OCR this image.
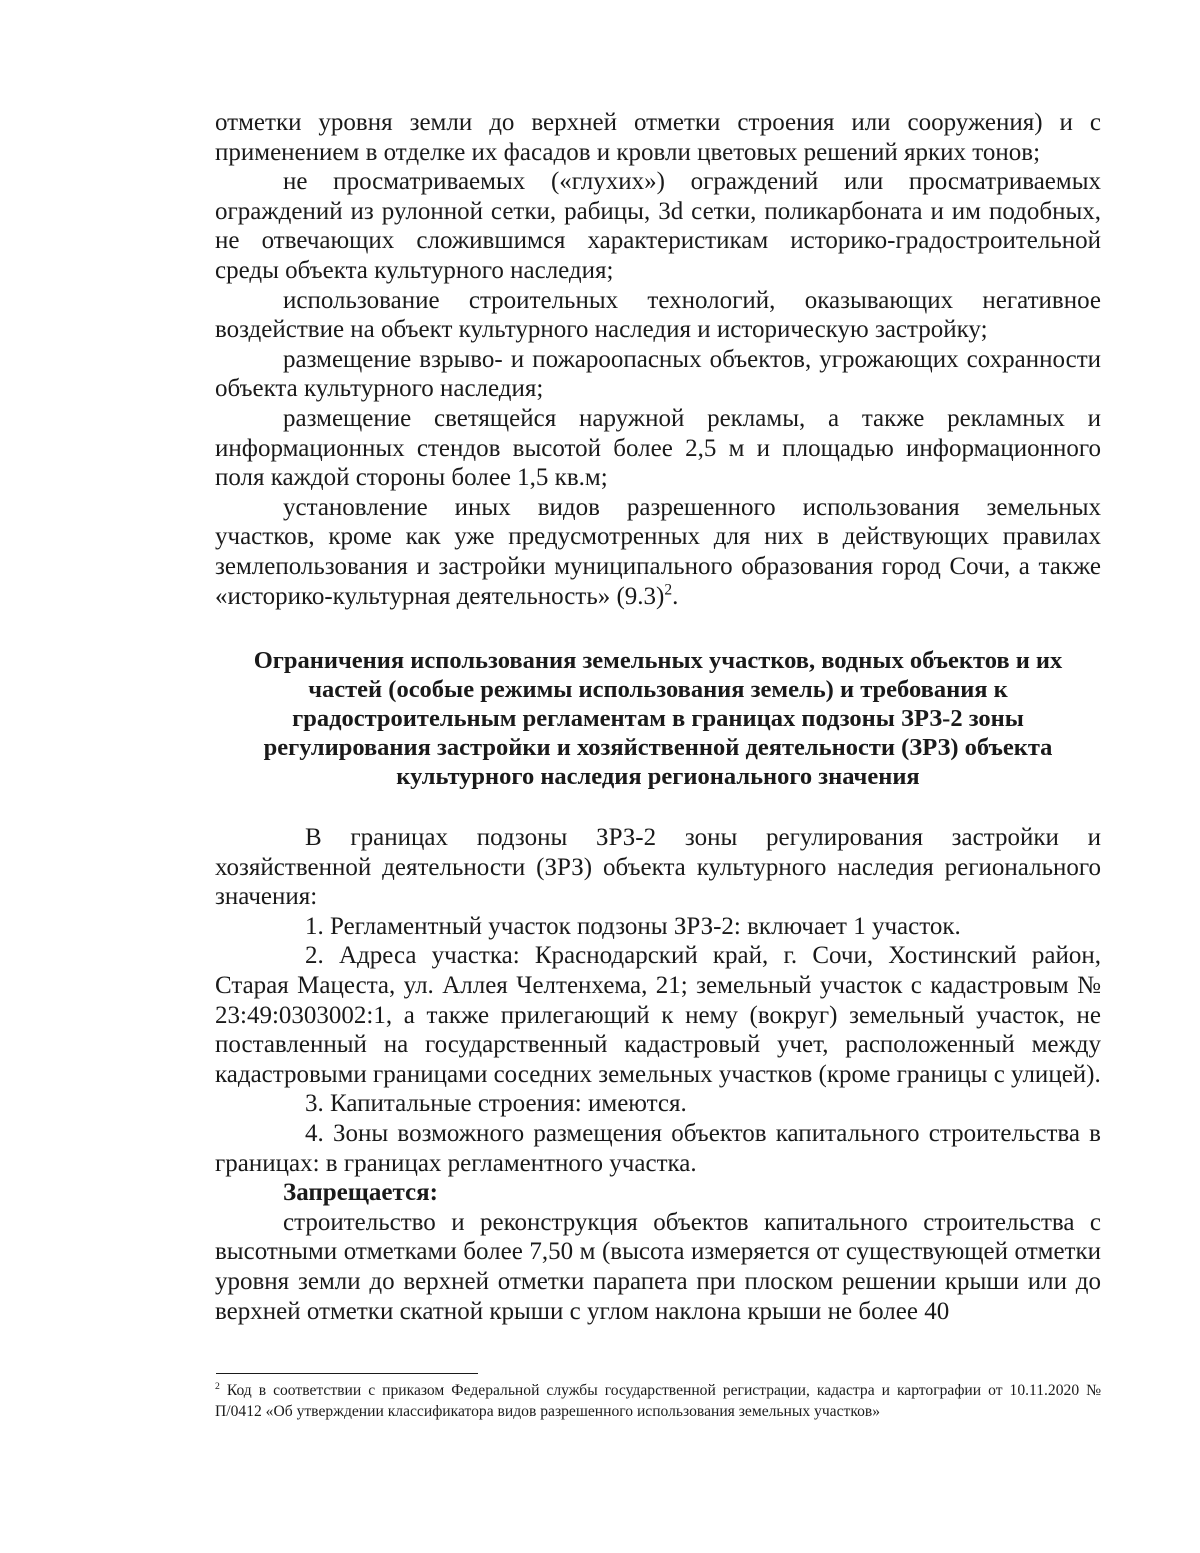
отметки уровня земли до верхней отметки строения или сооружения) и с применением в отделке их фасадов и кровли цветовых решений ярких тонов;

не просматриваемых («глухих») ограждений или просматриваемых ограждений из рулонной сетки, рабицы, 3d сетки, поликарбоната и им подобных, не отвечающих сложившимся характеристикам историко-градостроительной среды объекта культурного наследия;

использование строительных технологий, оказывающих негативное воздействие на объект культурного наследия и историческую застройку;

размещение взрыво- и пожароопасных объектов, угрожающих сохранности объекта культурного наследия;

размещение светящейся наружной рекламы, а также рекламных и информационных стендов высотой более 2,5 м и площадью информационного поля каждой стороны более 1,5 кв.м;

установление иных видов разрешенного использования земельных участков, кроме как уже предусмотренных для них в действующих правилах землепользования и застройки муниципального образования город Сочи, а также «историко-культурная деятельность» $(9.3)^2$.

Ограничения использования земельных участков, водных объектов и их частей (особые режимы использования земель) и требования к градостроительным регламентам в границах подзоны ЗРЗ-2 зоны регулирования застройки и хозяйственной деятельности (ЗРЗ) объекта культурного наследия регионального значения

В границах подзоны ЗРЗ-2 зоны регулирования застройки и хозяйственной деятельности (ЗРЗ) объекта культурного наследия регионального значения:

1. Регламентный участок подзоны ЗРЗ-2: включает 1 участок.

2. Адреса участка: Краснодарский край, г. Сочи, Хостинский район, Старая Мацеста, ул. Аллея Челтенхема, 21; земельный участок с кадастровым № 23:49:0303002:1, а также прилегающий к нему (вокруг) земельный участок, не поставленный на государственный кадастровый учет, расположенный между кадастровыми границами соседних земельных участков (кроме границы с улицей).

3. Капитальные строения: имеются.

4. Зоны возможного размещения объектов капитального строительства в границах: в границах регламентного участка.

Запрещается:

строительство и реконструкция объектов капитального строительства с высотными отметками более 7,50 м (высота измеряется от существующей отметки уровня земли до верхней отметки парапета при плоском решении крыши или до верхней отметки скатной крыши с углом наклона крыши не более 40

$^2$ Код в соответствии с приказом Федеральной службы государственной регистрации, кадастра и картографии от 10.11.2020 № П/0412 «Об утверждении классификатора видов разрешенного использования земельных участков»
